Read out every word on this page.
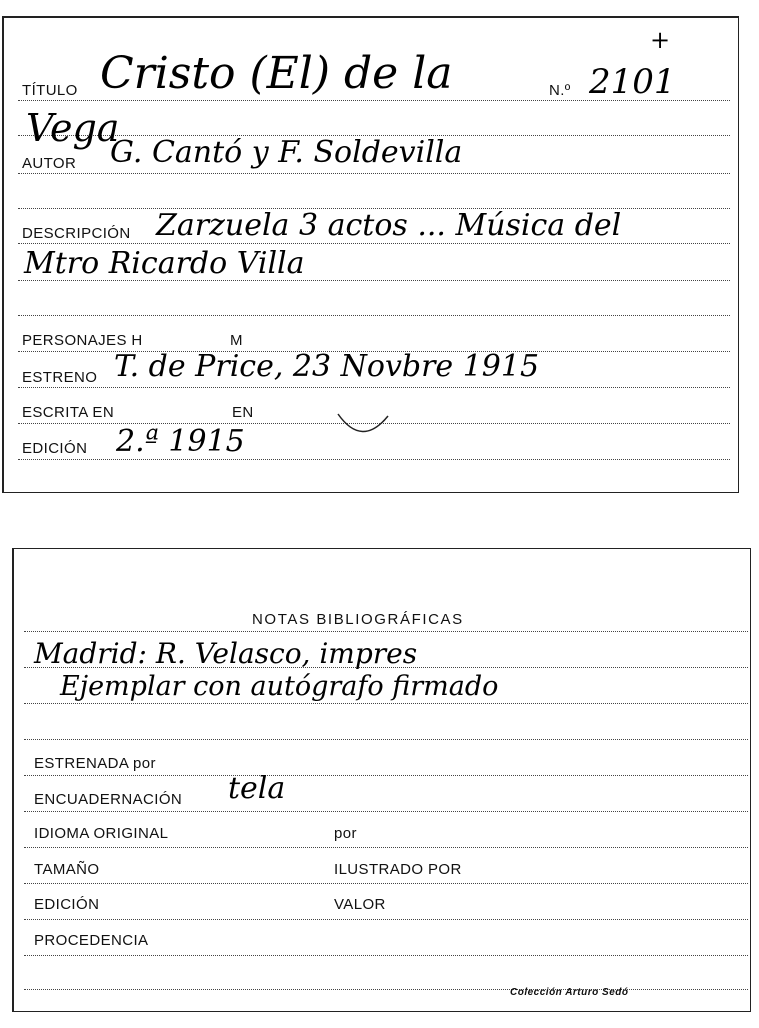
+
TÍTULO Cristo (El) de la	N.º 2101
Vega
AUTOR G. Cantó y F. Soldevilla
DESCRIPCIÓN Zarzuela 3 actos ... Música del
Mtro Ricardo Villa
PERSONAJES H	M
ESTRENO T. de Price, 23 Novbre 1915
ESCRITA EN	EN
EDICIÓN 2.ª 1915
NOTAS BIBLIOGRÁFICAS
Madrid: R. Velasco, impres
Ejemplar con autógrafo firmado
ESTRENADA por
ENCUADERNACIÓN tela
IDIOMA ORIGINAL	por
TAMAÑO	ILUSTRADO POR
EDICIÓN	VALOR
PROCEDENCIA
Colección Arturo Sedó
